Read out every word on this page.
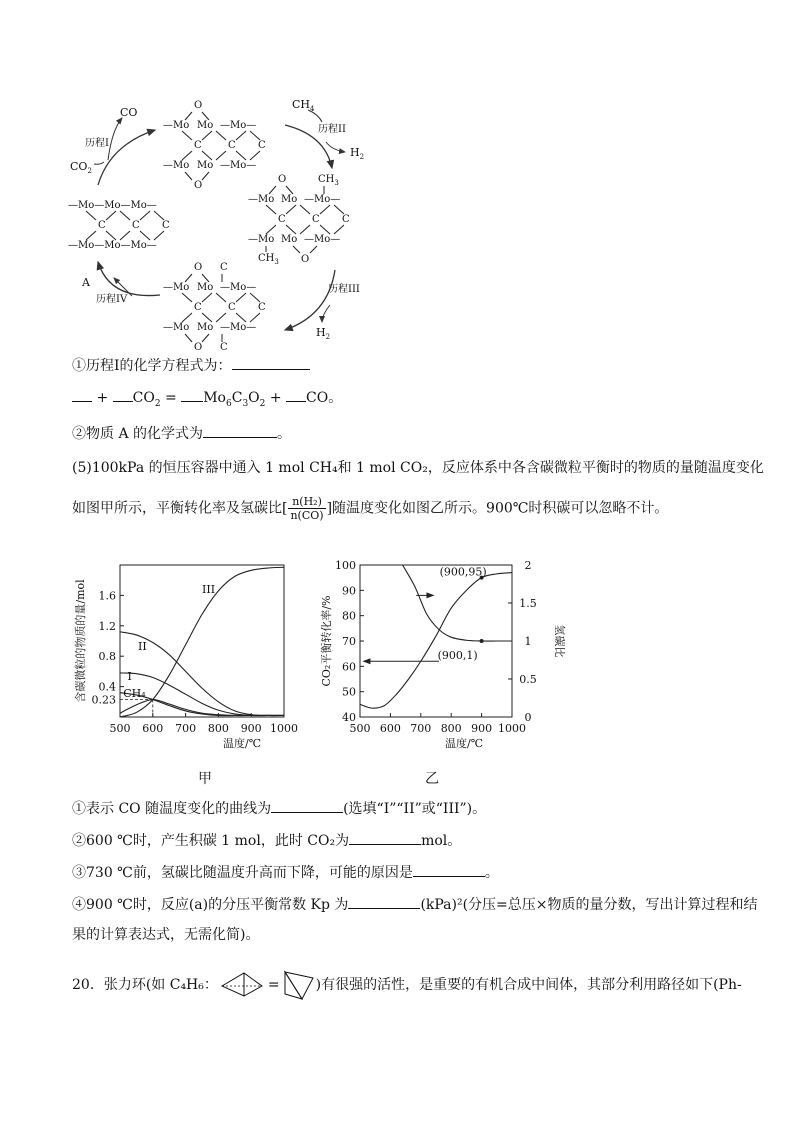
O
—Mo Mo —Mo—
C	C C
—Mo Mo —Mo—
O
O	$CH_3$
—Mo Mo —Mo—
C	C C
—Mo Mo —Mo—
$CH_3$ O
—Mo—Mo—Mo—
C	C C
—Mo—Mo—Mo—
O C
—Mo Mo —Mo—
C	C C
—Mo Mo —Mo—
O C
CO
$CO_2$
历程I
$CH_4$
$H_2$
历程II
$H_2$
历程III
A
历程IV
①历程I的化学方程式为：
+ $CO_2 = Mo_6C_3O_2$ + CO。
②物质 A 的化学式为	。
(5)100kPa 的恒压容器中通入 1 mol CH₄和 1 mol CO₂，反应体系中各含碳微粒平衡时的物质的量随温度变化
如图甲所示，平衡转化率及氢碳比[ $\frac{\text{n(H₂)}}{n(CO)}$ ]随温度变化如图乙所示。900℃时积碳可以忽略不计。
500 600 700 800 900 1000
0.4
0.8
1.2
1.6
0.23
温度/℃
含碳微粒的物质的量/mol	III
II
I
CH₄
甲
500 600 700 800 900 1000
40
50
60
70
80
90
100
0
0.5
1
1.5
2
温度/℃
CO₂平衡转化率/%	氢碳比
(900,95)
(900,1)
乙
①表示 CO 随温度变化的曲线为	(选填“I”“II”或“III”)。
②600 ℃时，产生积碳 1 mol，此时 CO₂为	mol。
③730 ℃前，氢碳比随温度升高而下降，可能的原因是	。
④900 ℃时，反应(a)的分压平衡常数 Kp 为	(kPa)²(分压=总压×物质的量分数，写出计算过程和结
果的计算表达式，无需化简)。
20．张力环(如 C₄H₆：	=	)有很强的活性，是重要的有机合成中间体，其部分利用路径如下(Ph-
